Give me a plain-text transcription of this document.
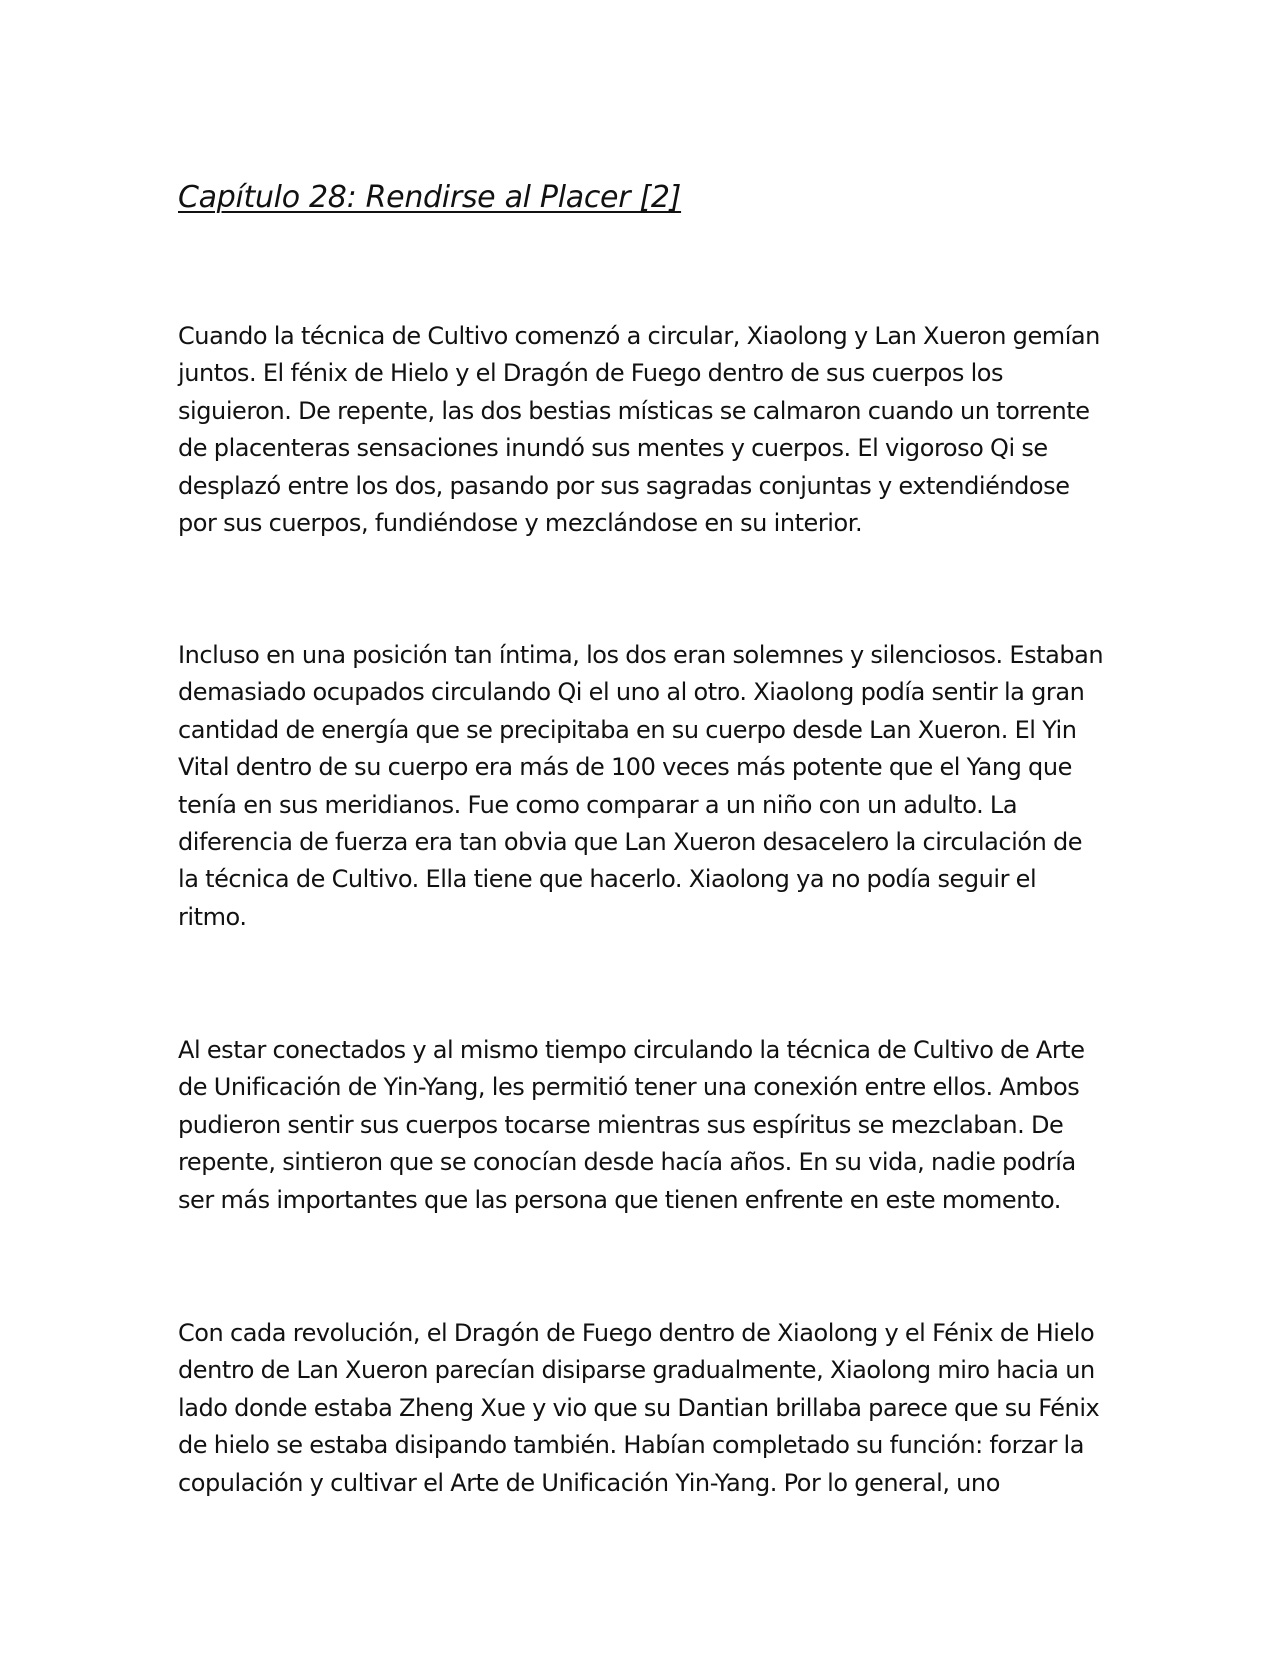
Capítulo 28: Rendirse al Placer [2]

Cuando la técnica de Cultivo comenzó a circular, Xiaolong y Lan Xueron gemían
juntos. El fénix de Hielo y el Dragón de Fuego dentro de sus cuerpos los
siguieron. De repente, las dos bestias místicas se calmaron cuando un torrente
de placenteras sensaciones inundó sus mentes y cuerpos. El vigoroso Qi se
desplazó entre los dos, pasando por sus sagradas conjuntas y extendiéndose
por sus cuerpos, fundiéndose y mezclándose en su interior.

Incluso en una posición tan íntima, los dos eran solemnes y silenciosos. Estaban
demasiado ocupados circulando Qi el uno al otro. Xiaolong podía sentir la gran
cantidad de energía que se precipitaba en su cuerpo desde Lan Xueron. El Yin
Vital dentro de su cuerpo era más de 100 veces más potente que el Yang que
tenía en sus meridianos. Fue como comparar a un niño con un adulto. La
diferencia de fuerza era tan obvia que Lan Xueron desacelero la circulación de
la técnica de Cultivo. Ella tiene que hacerlo. Xiaolong ya no podía seguir el
ritmo.

Al estar conectados y al mismo tiempo circulando la técnica de Cultivo de Arte
de Unificación de Yin-Yang, les permitió tener una conexión entre ellos. Ambos
pudieron sentir sus cuerpos tocarse mientras sus espíritus se mezclaban. De
repente, sintieron que se conocían desde hacía años. En su vida, nadie podría
ser más importantes que las persona que tienen enfrente en este momento.

Con cada revolución, el Dragón de Fuego dentro de Xiaolong y el Fénix de Hielo
dentro de Lan Xueron parecían disiparse gradualmente, Xiaolong miro hacia un
lado donde estaba Zheng Xue y vio que su Dantian brillaba parece que su Fénix
de hielo se estaba disipando también. Habían completado su función: forzar la
copulación y cultivar el Arte de Unificación Yin-Yang. Por lo general, uno
